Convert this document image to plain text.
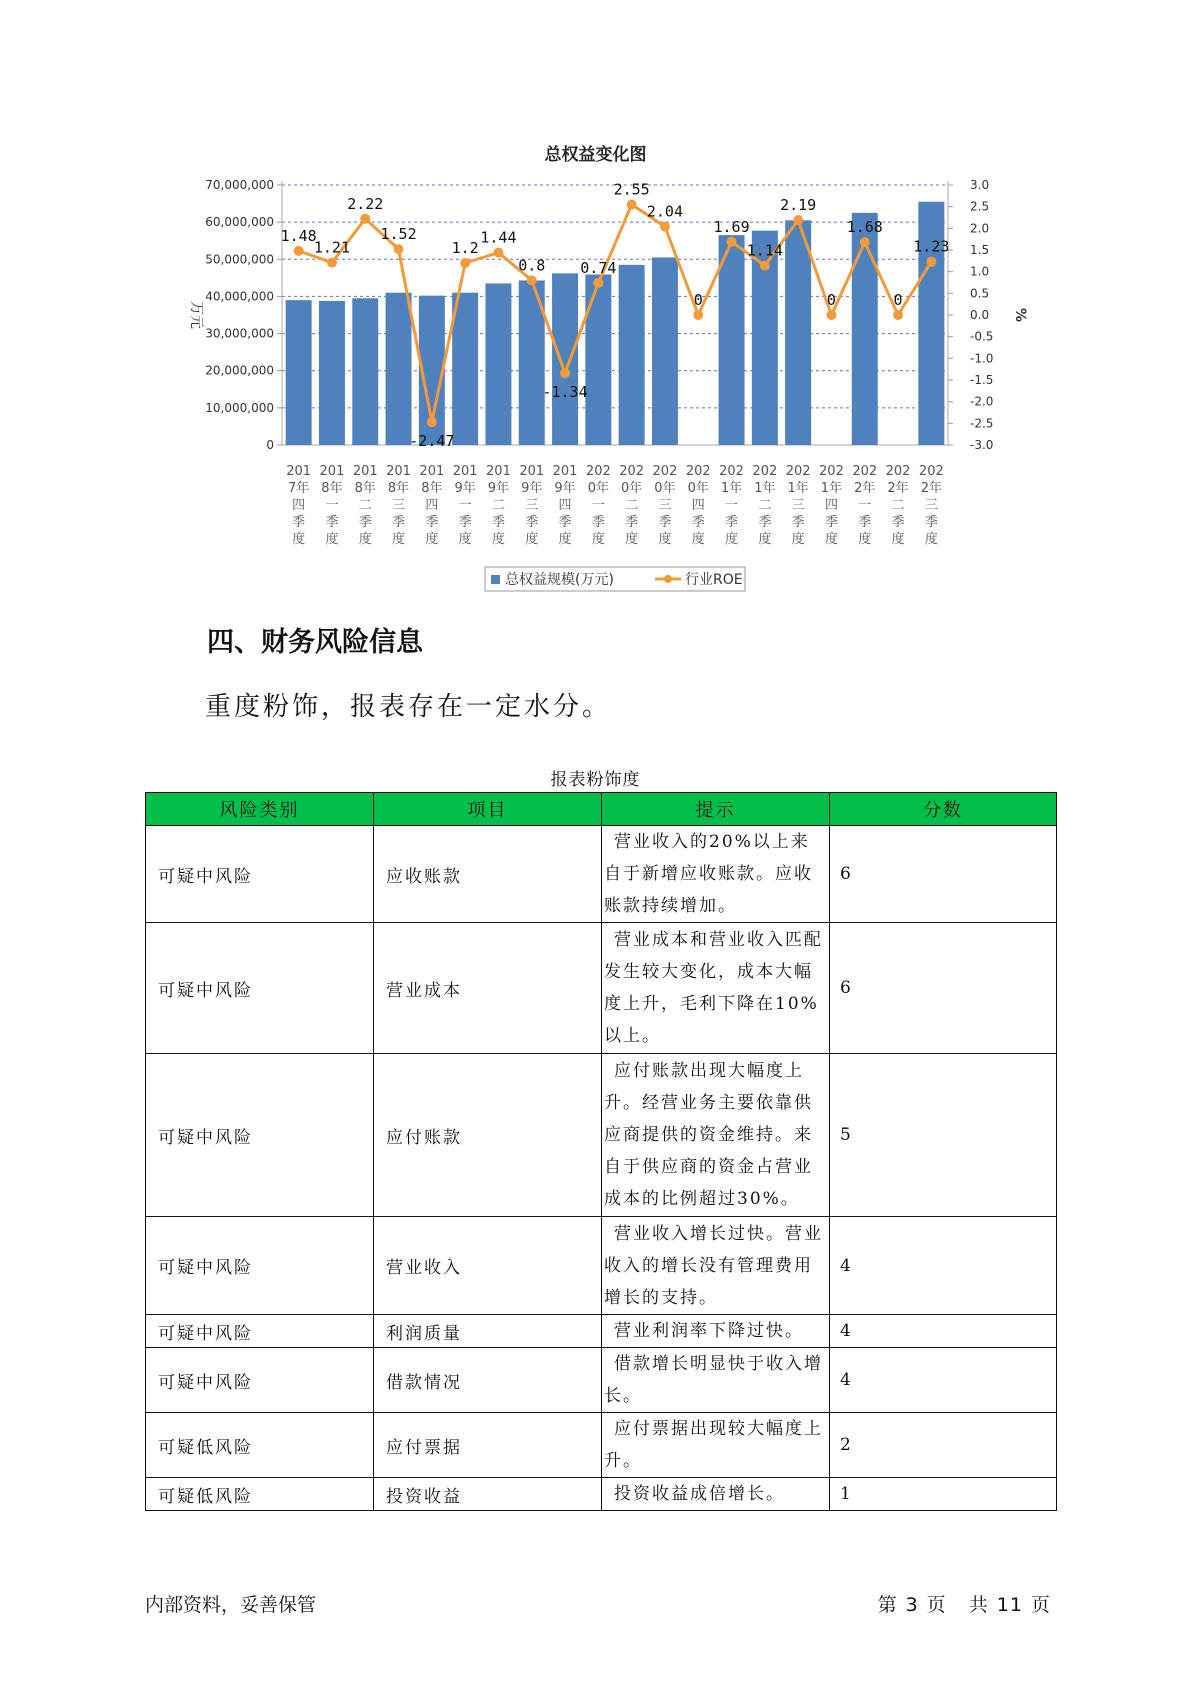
总权益变化图
70,000,000
60,000,000
50,000,000
40,000,000
30,000,000
20,000,000
10,000,000
0
3.0
2.5
2.0
1.5
1.0
0.5
0.0
-0.5
-1.0
-1.5
-2.0
-2.5
-3.0
万元	%
1.48
1.21
2.22
1.52
-2.47
1.2
1.44
0.8
-1.34
0.74
2.55
2.04
0
1.69
1.14
2.19
0
1.68
0
1.23
201 7年四季度
201 8年一季度
201 8年二季度
201 8年三季度
201 8年四季度
201 9年一季度
201 9年二季度
201 9年三季度
201 9年四季度
202 0年一季度
202 0年二季度
202 0年三季度
202 0年四季度
202 1年一季度
202 1年二季度
202 1年三季度
202 1年四季度
202 2年一季度
202 2年二季度
202 2年三季度
总权益规模(万元)	行业ROE
四、财务风险信息
重度粉饰，报表存在一定水分。
报表粉饰度
风险类别	项目	提示	分数
可疑中风险	应收账款	营业收入的20%以上来自于新增应收账款。应收账款持续增加。	6
可疑中风险	营业成本	营业成本和营业收入匹配发生较大变化，成本大幅度上升，毛利下降在10%以上。	6
可疑中风险	应付账款	应付账款出现大幅度上升。经营业务主要依靠供应商提供的资金维持。来自于供应商的资金占营业成本的比例超过30%。	5
可疑中风险	营业收入	营业收入增长过快。营业收入的增长没有管理费用增长的支持。	4
可疑中风险	利润质量	营业利润率下降过快。	4
可疑中风险	借款情况	借款增长明显快于收入增长。	4
可疑低风险	应付票据	应付票据出现较大幅度上升。	2
可疑低风险	投资收益	投资收益成倍增长。	1
内部资料，妥善保管	第 3 页 共 11 页
